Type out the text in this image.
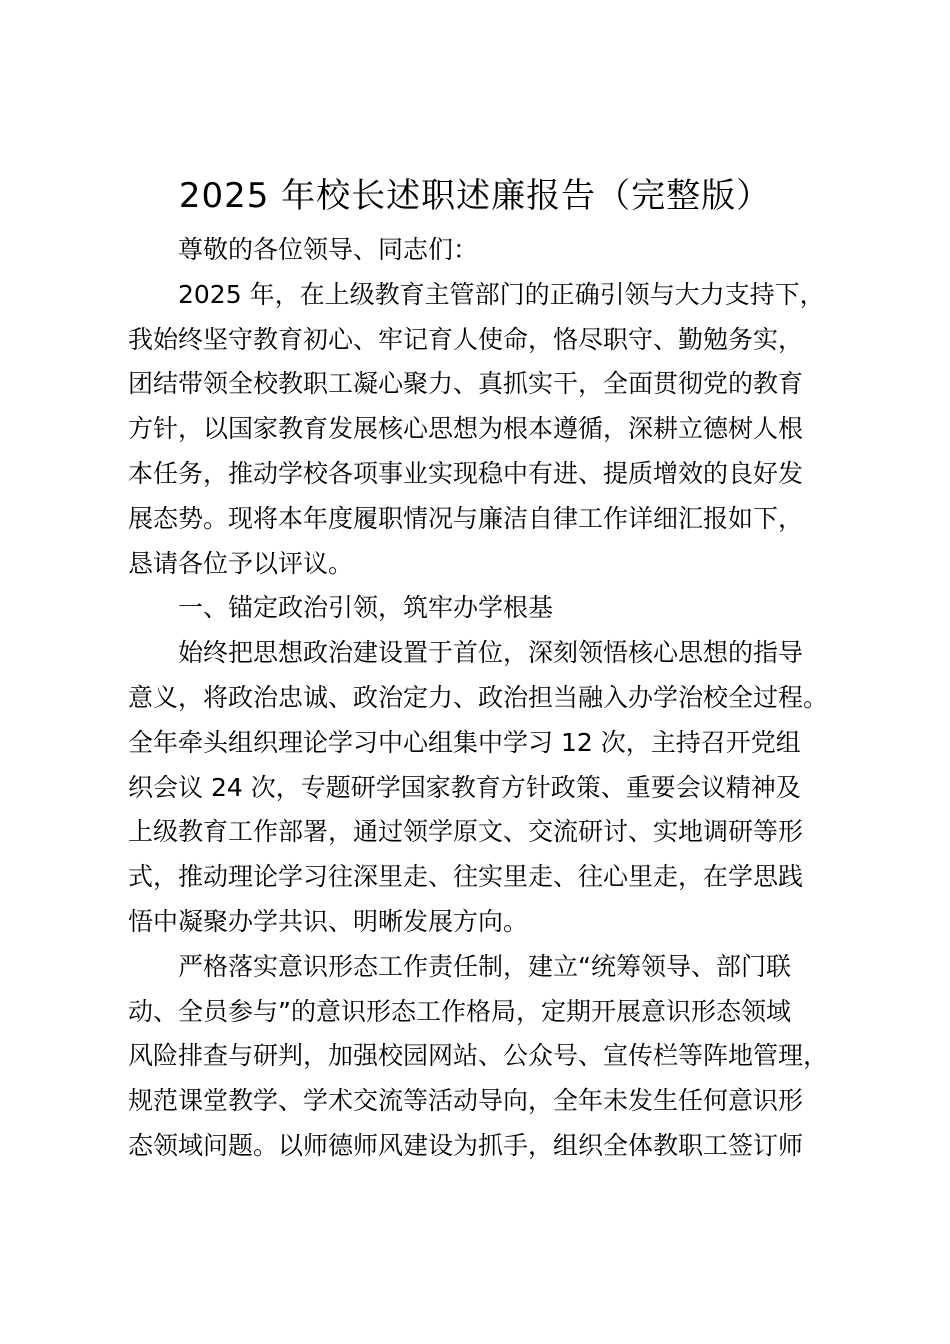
2025 年校长述职述廉报告（完整版）
尊敬的各位领导、同志们：
2025 年，在上级教育主管部门的正确引领与大力支持下，
我始终坚守教育初心、牢记育人使命，恪尽职守、勤勉务实，
团结带领全校教职工凝心聚力、真抓实干，全面贯彻党的教育
方针，以国家教育发展核心思想为根本遵循，深耕立德树人根
本任务，推动学校各项事业实现稳中有进、提质增效的良好发
展态势。现将本年度履职情况与廉洁自律工作详细汇报如下，
恳请各位予以评议。
一、锚定政治引领，筑牢办学根基
始终把思想政治建设置于首位，深刻领悟核心思想的指导
意义，将政治忠诚、政治定力、政治担当融入办学治校全过程。
全年牵头组织理论学习中心组集中学习 12 次，主持召开党组
织会议 24 次，专题研学国家教育方针政策、重要会议精神及
上级教育工作部署，通过领学原文、交流研讨、实地调研等形
式，推动理论学习往深里走、往实里走、往心里走，在学思践
悟中凝聚办学共识、明晰发展方向。
严格落实意识形态工作责任制，建立“统筹领导、部门联
动、全员参与”的意识形态工作格局，定期开展意识形态领域
风险排查与研判，加强校园网站、公众号、宣传栏等阵地管理，
规范课堂教学、学术交流等活动导向，全年未发生任何意识形
态领域问题。以师德师风建设为抓手，组织全体教职工签订师
